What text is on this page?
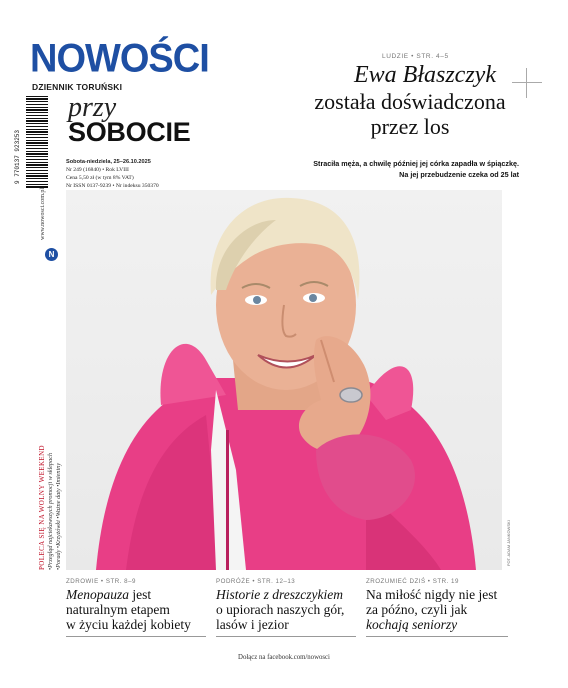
NOWOŚCI
DZIENNIK TORUŃSKI
przy
SOBOCIE
Sobota-niedziela, 25–26.10.2025
Nr 249 (16840) • Rok LVIII
Cena 5,50 zł (w tym 8% VAT)
Nr ISSN 0137-9239 • Nr indeksu 350370
9 770137 923253
www.nowosci.com.pl
N
POLECA SIĘ NA WOLNY WEEKEND •Przegląd najciekawszych promocji w sklepach •Porady •Krzyżówki •Ważne daty •Imieniny
LUDZIE • STR. 4–5
Ewa Błaszczyk
została doświadczona
przez los
Straciła męża, a chwilę później jej córka zapadła w śpiączkę.
Na jej przebudzenie czeka od 25 lat
FOT. ADAM JANKOWSKI
ZDROWIE • STR. 8–9
Menopauza jest
naturalnym etapem
w życiu każdej kobiety
PODRÓŻE • STR. 12–13
Historie z dreszczykiem
o upiorach naszych gór,
lasów i jezior
ZROZUMIEĆ DZIŚ • STR. 19
Na miłość nigdy nie jest
za późno, czyli jak
kochają seniorzy
Dołącz na facebook.com/nowosci
